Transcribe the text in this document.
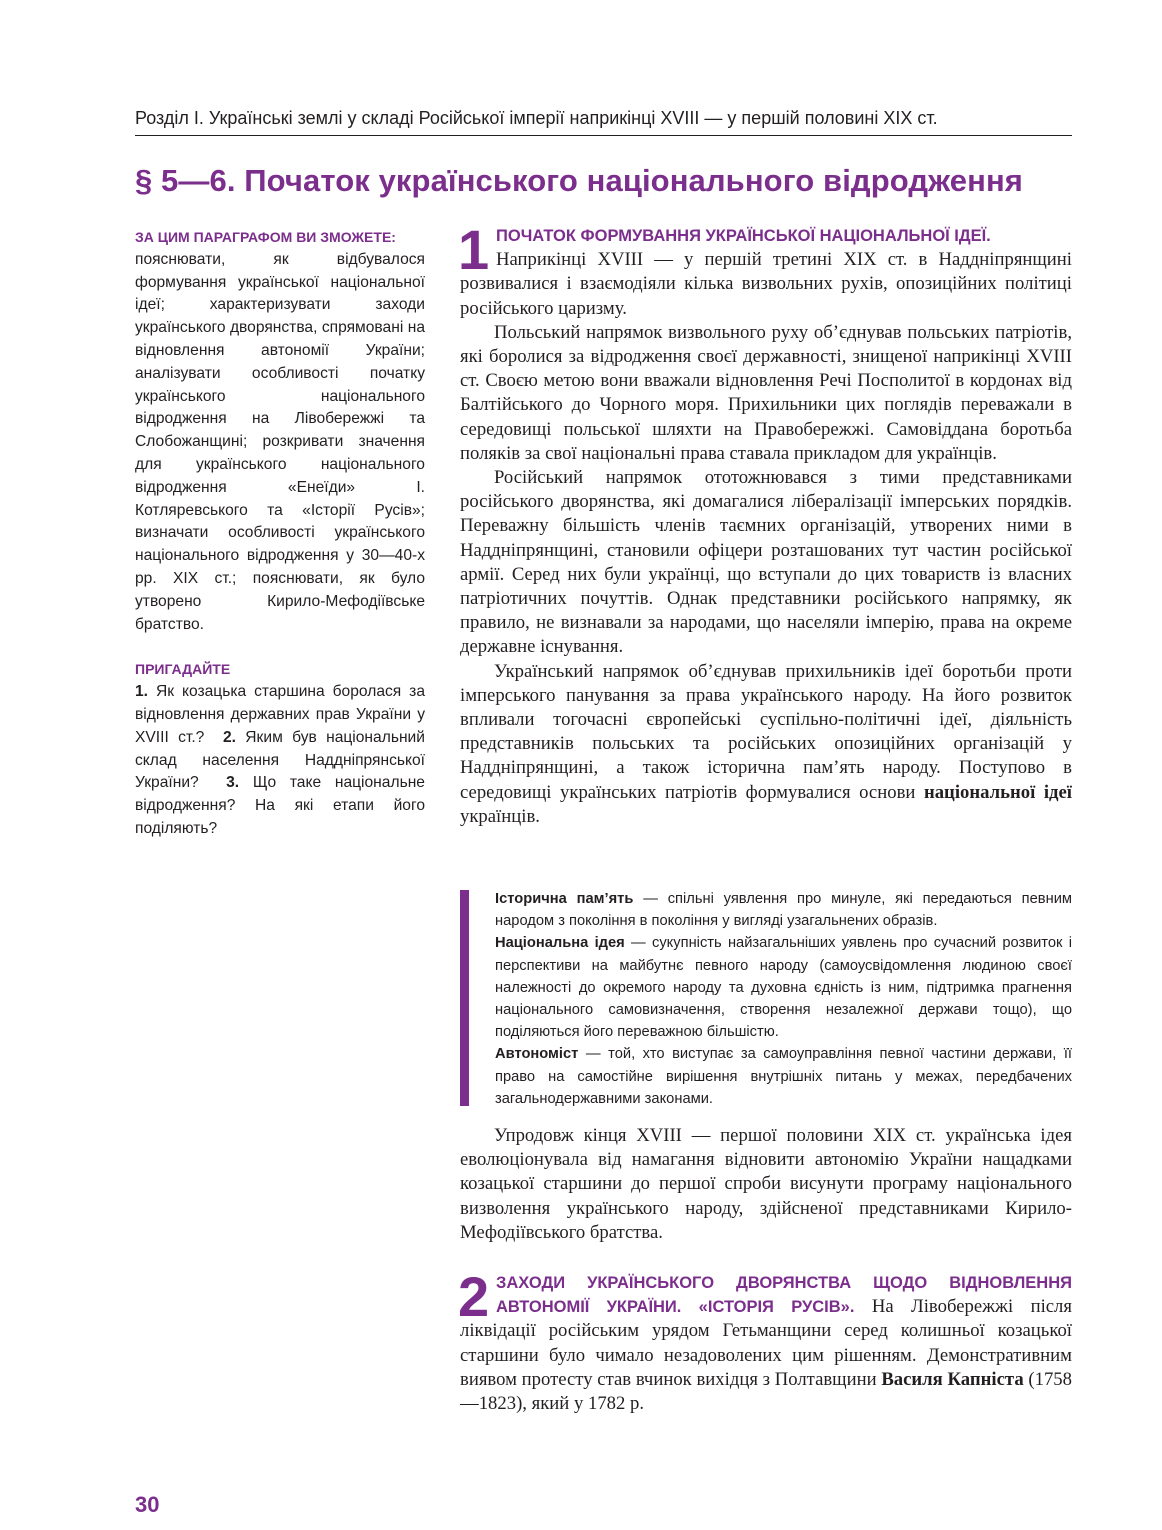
Розділ І. Українські землі у складі Російської імперії наприкінці XVIII — у першій половині XIX ст.
§ 5—6. Початок українського національного відродження
ЗА ЦИМ ПАРАГРАФОМ ВИ ЗМОЖЕТЕ:
пояснювати, як відбувалося формування української національної ідеї; характеризувати заходи українського дворянства, спрямовані на відновлення автономії України; аналізувати особливості початку українського національного відродження на Лівобережжі та Слобожанщині; розкривати значення для українського національного відродження «Енеїди» І. Котляревського та «Історії Русів»; визначати особливості українського національного відродження у 30—40-х рр. XIX ст.; пояснювати, як було утворено Кирило-Мефодіївське братство.
ПРИГАДАЙТЕ
1. Як козацька старшина боролася за відновлення державних прав України у XVIII ст.? 2. Яким був національний склад населення Наддніпрянської України? 3. Що таке національне відродження? На які етапи його поділяють?

1 ПОЧАТОК ФОРМУВАННЯ УКРАЇНСЬКОЇ НАЦІОНАЛЬНОЇ ІДЕЇ.
Наприкінці XVIII — у першій третині XIX ст. в Наддніпрянщині розвивалися і взаємодіяли кілька визвольних рухів, опозиційних політиці російського царизму.

Польський напрямок визвольного руху об’єднував польських патріотів, які боролися за відродження своєї державності, знищеної наприкінці XVIII ст. Своєю метою вони вважали відновлення Речі Посполитої в кордонах від Балтійського до Чорного моря. Прихильники цих поглядів переважали в середовищі польської шляхти на Правобережжі. Самовіддана боротьба поляків за свої національні права ставала прикладом для українців.

Російський напрямок ототожнювався з тими представниками російського дворянства, які домагалися лібералізації імперських порядків. Переважну більшість членів таємних організацій, утворених ними в Наддніпрянщині, становили офіцери розташованих тут частин російської армії. Серед них були українці, що вступали до цих товариств із власних патріотичних почуттів. Однак представники російського напрямку, як правило, не визнавали за народами, що населяли імперію, права на окреме державне існування.

Український напрямок об’єднував прихильників ідеї боротьби проти імперського панування за права українського народу. На його розвиток впливали тогочасні європейські суспільно-політичні ідеї, діяльність представників польських та російських опозиційних організацій у Наддніпрянщині, а також історична пам’ять народу. Поступово в середовищі українських патріотів формувалися основи національної ідеї українців.

Історична пам’ять — спільні уявлення про минуле, які передаються певним народом з покоління в покоління у вигляді узагальнених образів.
Національна ідея — сукупність найзагальніших уявлень про сучасний розвиток і перспективи на майбутнє певного народу (самоусвідомлення людиною своєї належності до окремого народу та духовна єдність із ним, підтримка прагнення національного самовизначення, створення незалежної держави тощо), що поділяються його переважною більшістю.
Автономіст — той, хто виступає за самоуправління певної частини держави, її право на самостійне вирішення внутрішніх питань у межах, передбачених загальнодержавними законами.

Упродовж кінця XVIII — першої половини XIX ст. українська ідея еволюціонувала від намагання відновити автономію України нащадками козацької старшини до першої спроби висунути програму національного визволення українського народу, здійсненої представниками Кирило-Мефодіївського братства.

2 ЗАХОДИ УКРАЇНСЬКОГО ДВОРЯНСТВА ЩОДО ВІДНОВЛЕННЯ АВТОНОМІЇ УКРАЇНИ. «ІСТОРІЯ РУСІВ». На Лівобережжі після ліквідації російським урядом Гетьманщини серед колишньої козацької старшини було чимало незадоволених цим рішенням. Демонстративним виявом протесту став вчинок вихідця з Полтавщини Василя Капніста (1758—1823), який у 1782 р.

30
